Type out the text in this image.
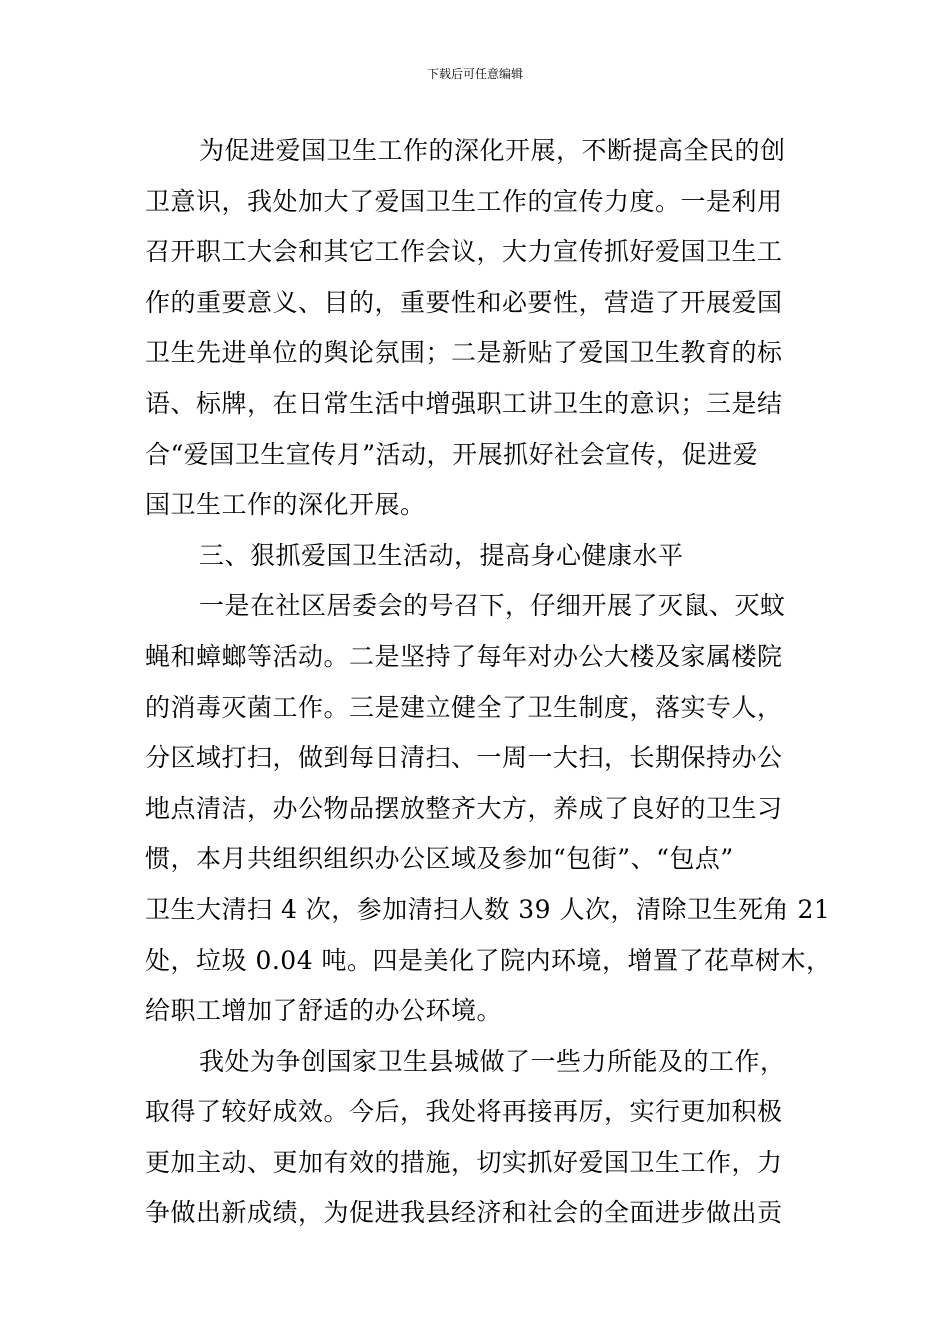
下载后可任意编辑
为促进爱国卫生工作的深化开展，不断提高全民的创
卫意识，我处加大了爱国卫生工作的宣传力度。一是利用
召开职工大会和其它工作会议，大力宣传抓好爱国卫生工
作的重要意义、目的，重要性和必要性，营造了开展爱国
卫生先进单位的舆论氛围；二是新贴了爱国卫生教育的标
语、标牌，在日常生活中增强职工讲卫生的意识；三是结
合“爱国卫生宣传月”活动，开展抓好社会宣传，促进爱
国卫生工作的深化开展。
三、狠抓爱国卫生活动，提高身心健康水平
一是在社区居委会的号召下，仔细开展了灭鼠、灭蚊
蝇和蟑螂等活动。二是坚持了每年对办公大楼及家属楼院
的消毒灭菌工作。三是建立健全了卫生制度，落实专人，
分区域打扫，做到每日清扫、一周一大扫，长期保持办公
地点清洁，办公物品摆放整齐大方，养成了良好的卫生习
惯，本月共组织组织办公区域及参加“包街”、“包点”
卫生大清扫 4 次，参加清扫人数 39 人次，清除卫生死角 21
处，垃圾 0.04 吨。四是美化了院内环境，增置了花草树木，
给职工增加了舒适的办公环境。
我处为争创国家卫生县城做了一些力所能及的工作，
取得了较好成效。今后，我处将再接再厉，实行更加积极
更加主动、更加有效的措施，切实抓好爱国卫生工作，力
争做出新成绩，为促进我县经济和社会的全面进步做出贡
